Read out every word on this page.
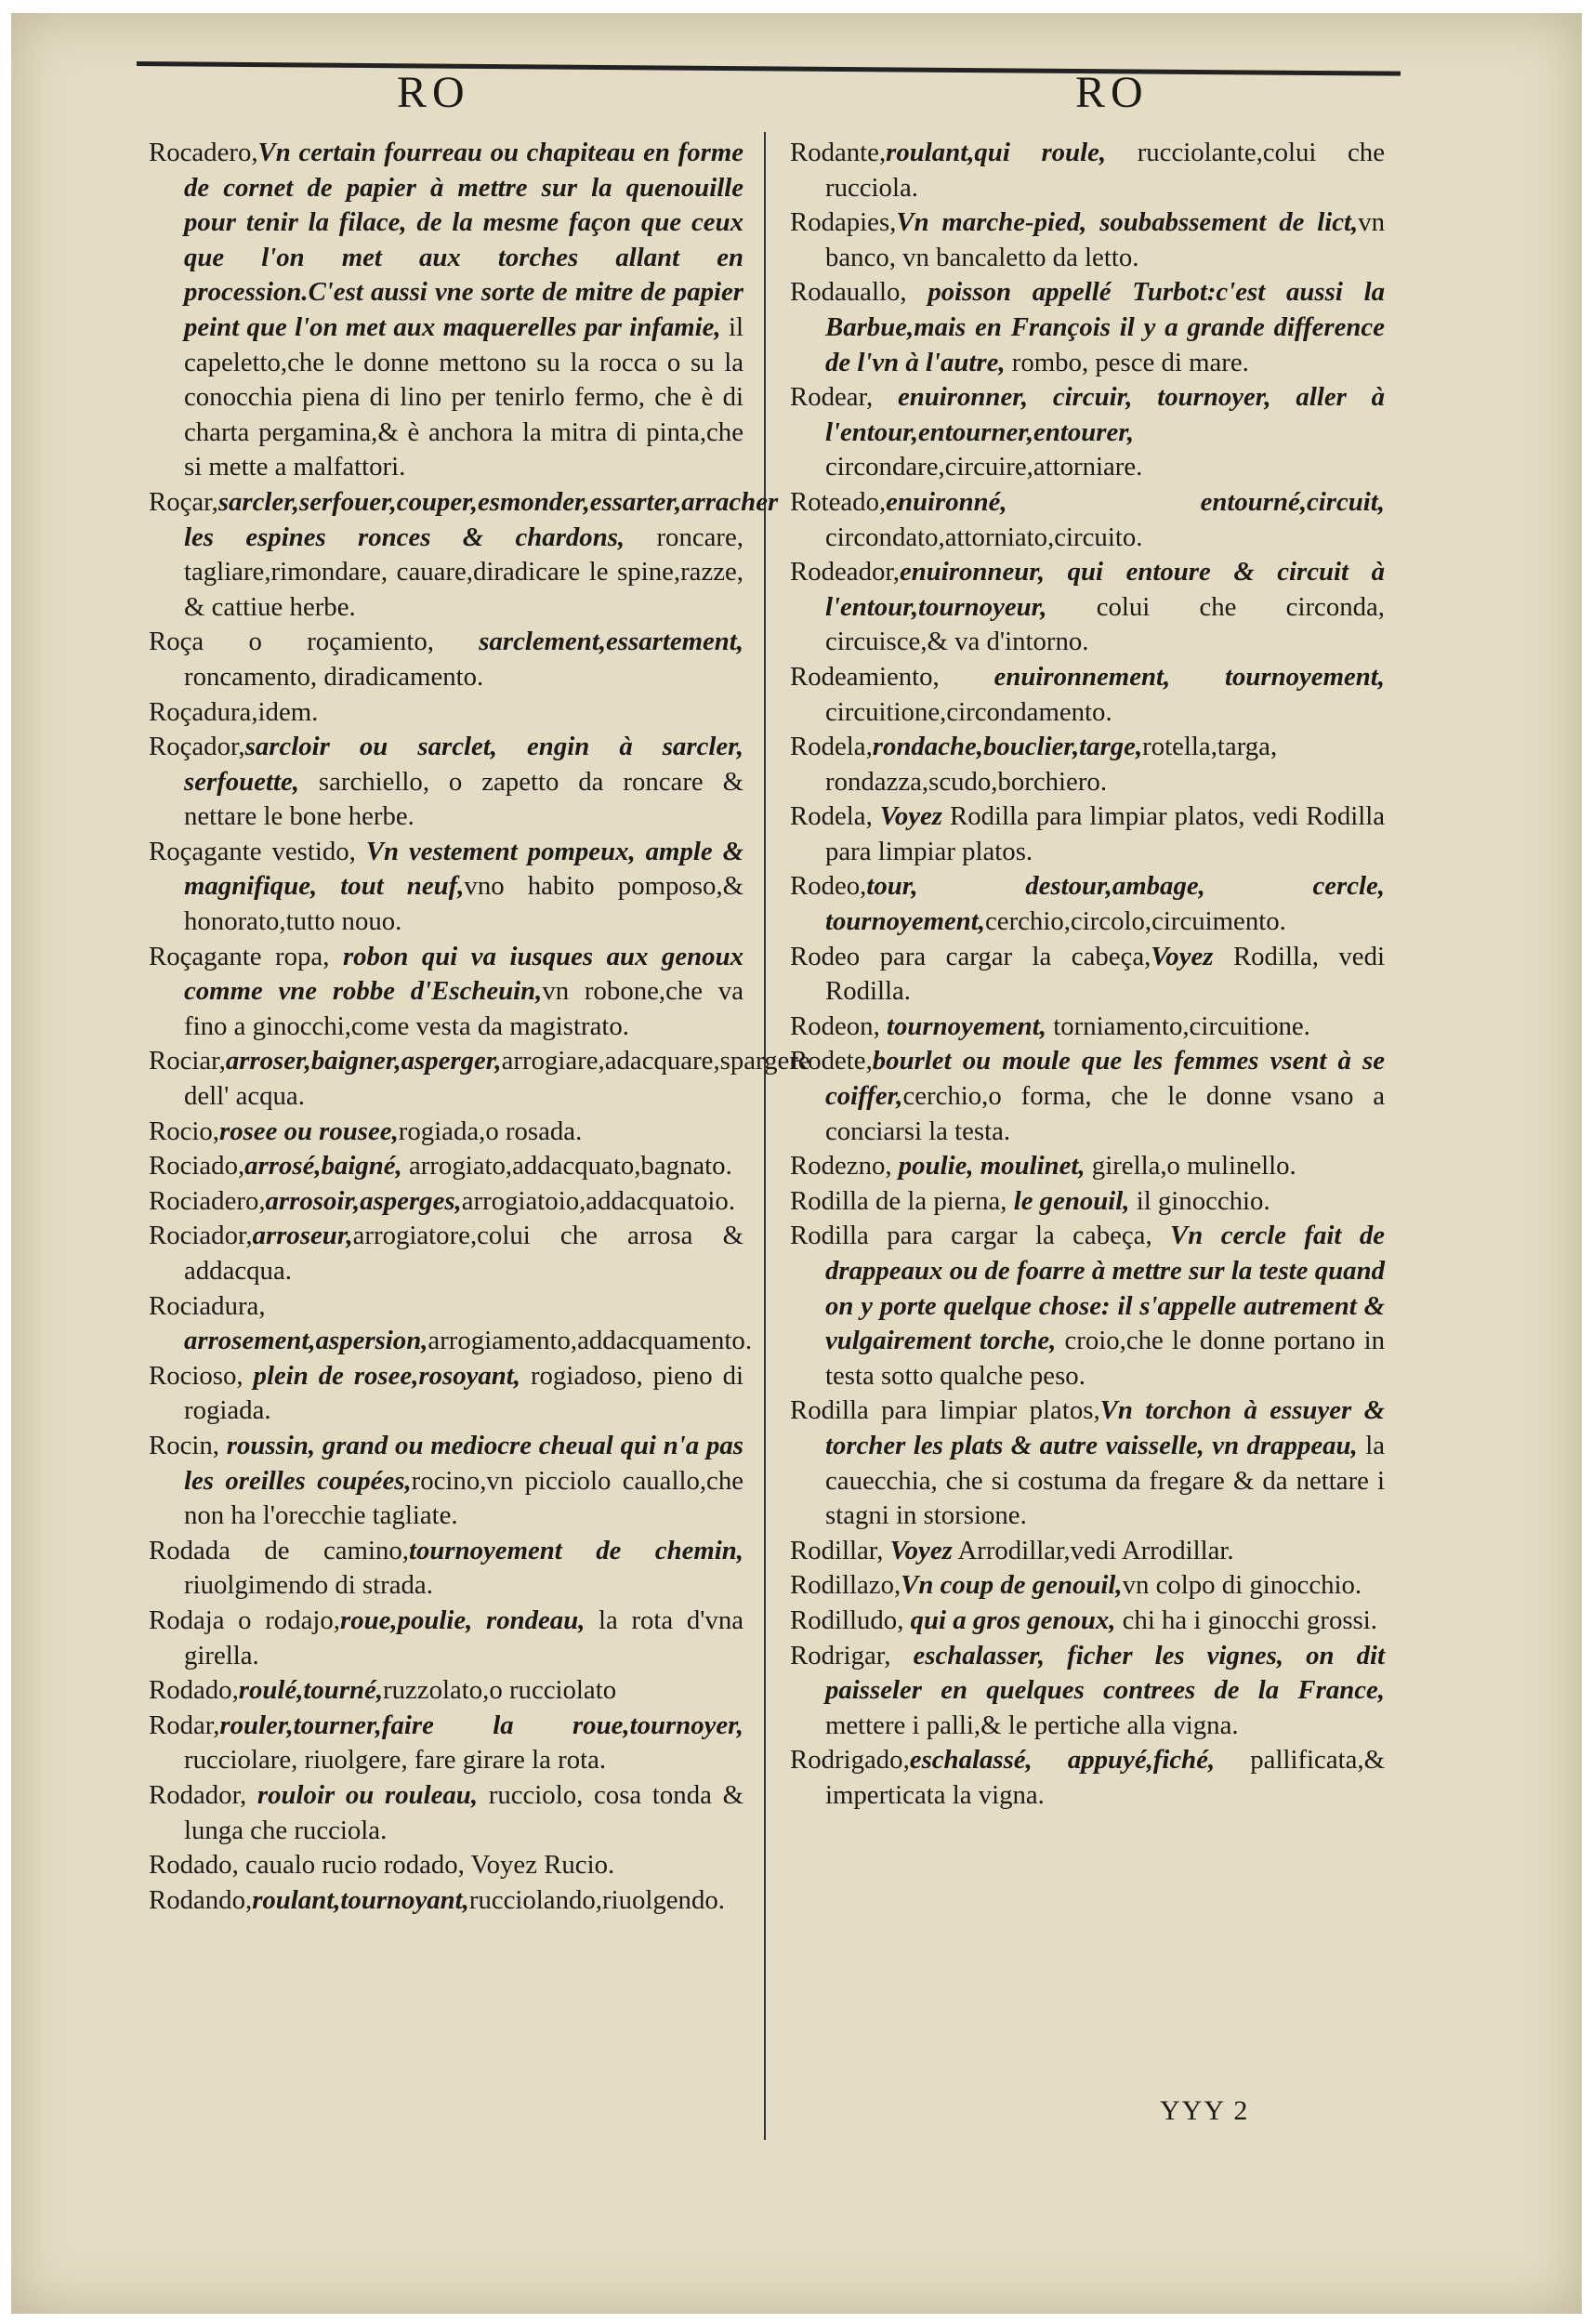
RO	RO

Rocadero,Vn certain fourreau ou chapiteau en forme de cornet de papier à mettre sur la quenouille pour tenir la filace, de la mesme façon que ceux que l'on met aux torches allant en procession.C'est aussi vne sorte de mitre de papier peint que l'on met aux maquerelles par infamie, il capeletto,che le donne mettono su la rocca o su la conocchia piena di lino per tenirlo fermo, che è di charta pergamina,& è anchora la mitra di pinta,che si mette a malfattori.

Roçar,sarcler,serfouer,couper,esmonder,essarter,arracher les espines ronces & chardons, roncare, tagliare,rimondare, cauare,diradicare le spine,razze, & cattiue herbe.

Roça o roçamiento, sarclement,essartement, roncamento, diradicamento.

Roçadura,idem.

Roçador,sarcloir ou sarclet, engin à sarcler, serfouette, sarchiello, o zapetto da roncare & nettare le bone herbe.

Roçagante vestido, Vn vestement pompeux, ample & magnifique, tout neuf,vno habito pomposo,& honorato,tutto nouo.

Roçagante ropa, robon qui va iusques aux genoux comme vne robbe d'Escheuin,vn robone,che va fino a ginocchi,come vesta da magistrato.

Rociar,arroser,baigner,asperger,arrogiare,adacquare,spargere dell' acqua.

Rocio,rosee ou rousee,rogiada,o rosada.

Rociado,arrosé,baigné, arrogiato,addacquato,bagnato.

Rociadero,arrosoir,asperges,arrogiatoio,addacquatoio.

Rociador,arroseur,arrogiatore,colui che arrosa & addacqua.

Rociadura, arrosement,aspersion,arrogiamento,addacquamento.

Rocioso, plein de rosee,rosoyant, rogiadoso, pieno di rogiada.

Rocin, roussin, grand ou mediocre cheual qui n'a pas les oreilles coupées,rocino,vn picciolo cauallo,che non ha l'orecchie tagliate.

Rodada de camino,tournoyement de chemin, riuolgimendo di strada.

Rodaja o rodajo,roue,poulie, rondeau, la rota d'vna girella.

Rodado,roulé,tourné,ruzzolato,o rucciolato

Rodar,rouler,tourner,faire la roue,tournoyer, rucciolare, riuolgere, fare girare la rota.

Rodador, rouloir ou rouleau, rucciolo, cosa tonda & lunga che rucciola.

Rodado, caualo rucio rodado, Voyez Rucio.

Rodando,roulant,tournoyant,rucciolando,riuolgendo.

Rodante,roulant,qui roule, rucciolante,colui che rucciola.

Rodapies,Vn marche-pied, soubabssement de lict,vn banco, vn bancaletto da letto.

Rodauallo, poisson appellé Turbot:c'est aussi la Barbue,mais en François il y a grande difference de l'vn à l'autre, rombo, pesce di mare.

Rodear, enuironner, circuir, tournoyer, aller à l'entour,entourner,entourer, circondare,circuire,attorniare.

Roteado,enuironné, entourné,circuit, circondato,attorniato,circuito.

Rodeador,enuironneur, qui entoure & circuit à l'entour,tournoyeur, colui che circonda, circuisce,& va d'intorno.

Rodeamiento, enuironnement, tournoyement, circuitione,circondamento.

Rodela,rondache,bouclier,targe,rotella,targa, rondazza,scudo,borchiero.

Rodela, Voyez Rodilla para limpiar platos, vedi Rodilla para limpiar platos.

Rodeo,tour, destour,ambage, cercle, tournoyement,cerchio,circolo,circuimento.

Rodeo para cargar la cabeça,Voyez Rodilla, vedi Rodilla.

Rodeon, tournoyement, torniamento,circuitione.

Rodete,bourlet ou moule que les femmes vsent à se coiffer,cerchio,o forma, che le donne vsano a conciarsi la testa.

Rodezno, poulie, moulinet, girella,o mulinello.

Rodilla de la pierna, le genouil, il ginocchio.

Rodilla para cargar la cabeça, Vn cercle fait de drappeaux ou de foarre à mettre sur la teste quand on y porte quelque chose: il s'appelle autrement & vulgairement torche, croio,che le donne portano in testa sotto qualche peso.

Rodilla para limpiar platos,Vn torchon à essuyer & torcher les plats & autre vaisselle, vn drappeau, la cauecchia, che si costuma da fregare & da nettare i stagni in storsione.

Rodillar, Voyez Arrodillar,vedi Arrodillar.

Rodillazo,Vn coup de genouil,vn colpo di ginocchio.

Rodilludo, qui a gros genoux, chi ha i ginocchi grossi.

Rodrigar, eschalasser, ficher les vignes, on dit paisseler en quelques contrees de la France, mettere i palli,& le pertiche alla vigna.

Rodrigado,eschalassé, appuyé,fiché, pallificata,& imperticata la vigna.

YYY 2
